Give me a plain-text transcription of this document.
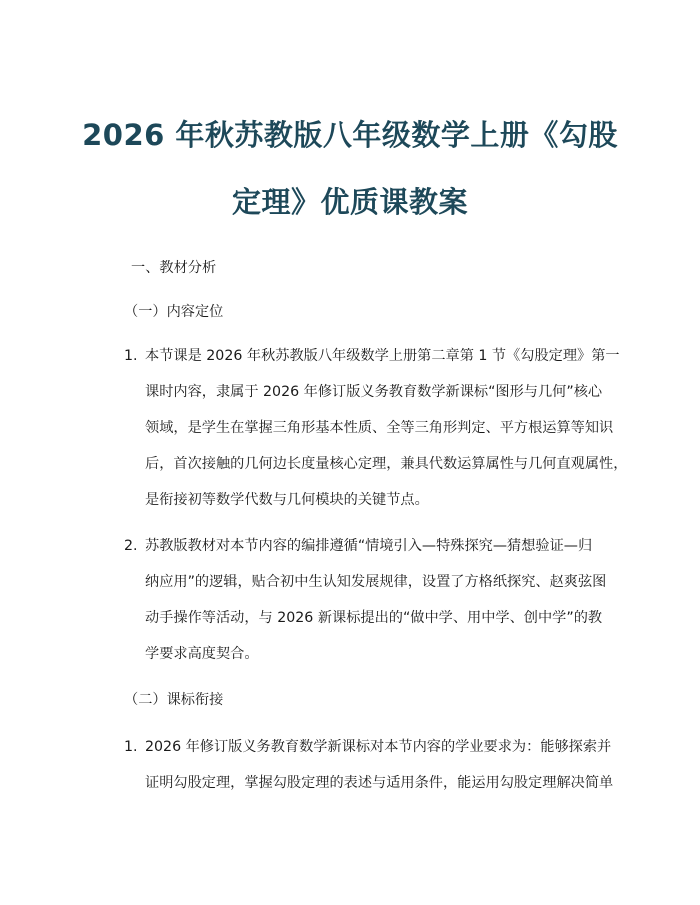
2026 年秋苏教版八年级数学上册《勾股
定理》优质课教案
一、教材分析
（一）内容定位
1. 本节课是 2026 年秋苏教版八年级数学上册第二章第 1 节《勾股定理》第一
课时内容，隶属于 2026 年修订版义务教育数学新课标“图形与几何”核心
领域，是学生在掌握三角形基本性质、全等三角形判定、平方根运算等知识
后，首次接触的几何边长度量核心定理，兼具代数运算属性与几何直观属性，
是衔接初等数学代数与几何模块的关键节点。
2. 苏教版教材对本节内容的编排遵循“情境引入—特殊探究—猜想验证—归
纳应用”的逻辑，贴合初中生认知发展规律，设置了方格纸探究、赵爽弦图
动手操作等活动，与 2026 新课标提出的“做中学、用中学、创中学”的教
学要求高度契合。
（二）课标衔接
1. 2026 年修订版义务教育数学新课标对本节内容的学业要求为：能够探索并
证明勾股定理，掌握勾股定理的表述与适用条件，能运用勾股定理解决简单
